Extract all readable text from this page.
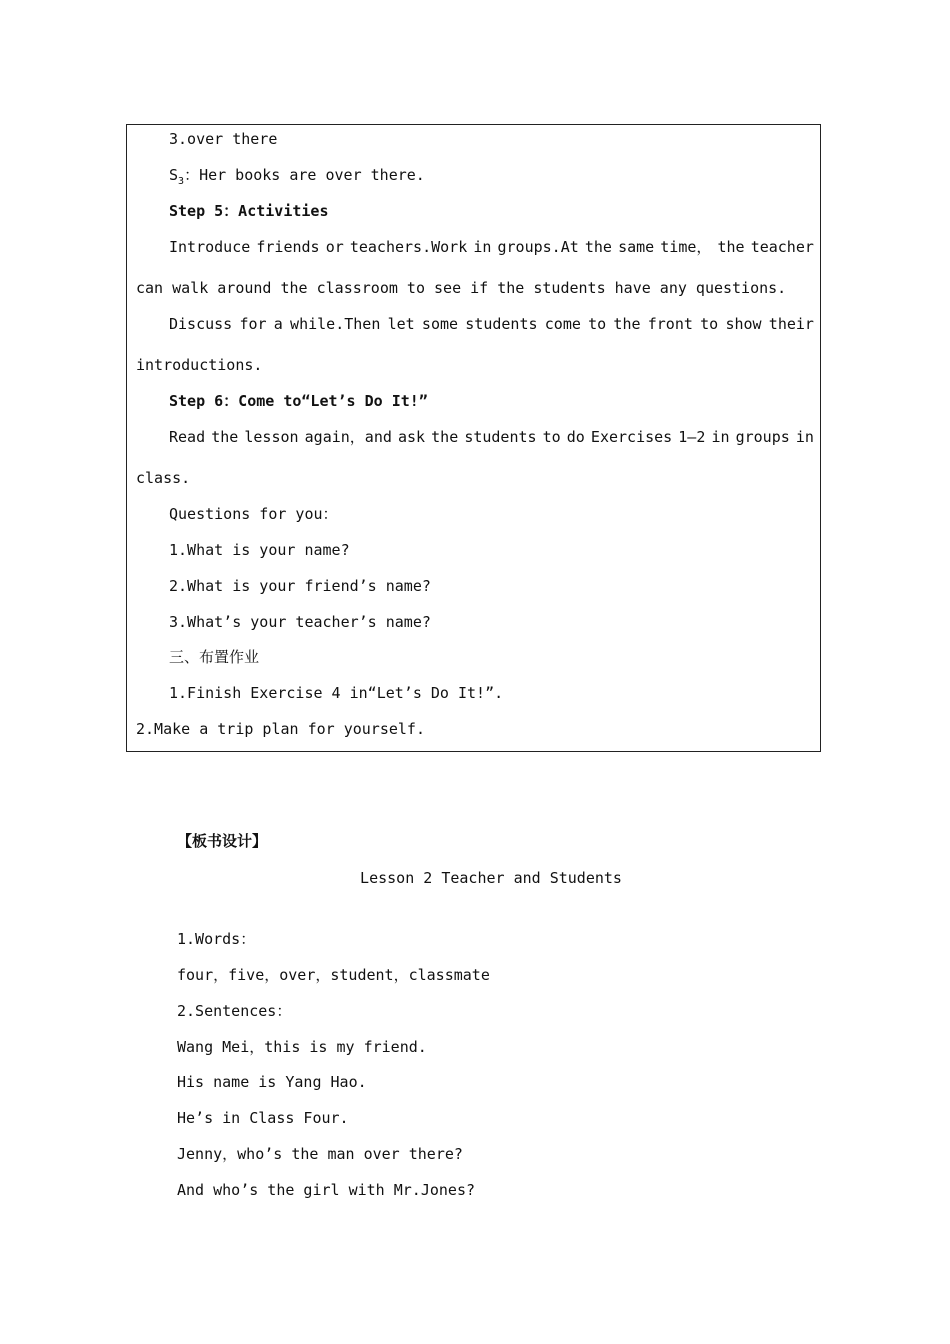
3.over there
$S_3$：Her books are over there.
Step 5：Activities
Introduce friends or teachers.Work in groups.At the same time， the teacher
can walk around the classroom to see if the students have any questions.
Discuss for a while.Then let some students come to the front to show their
introductions.
Step 6：Come to“Let’s Do It!”
Read the lesson again，and ask the students to do Exercises 1—2 in groups in
class.
Questions for you：
1.What is your name?
2.What is your friend’s name?
3.What’s your teacher’s name?
三、布置作业
1.Finish Exercise 4 in“Let’s Do It!”.
2.Make a trip plan for yourself.
【板书设计】
Lesson 2 Teacher and Students
1.Words：
four，five，over，student，classmate
2.Sentences：
Wang Mei，this is my friend.
His name is Yang Hao.
He’s in Class Four.
Jenny，who’s the man over there?
And who’s the girl with Mr.Jones?
